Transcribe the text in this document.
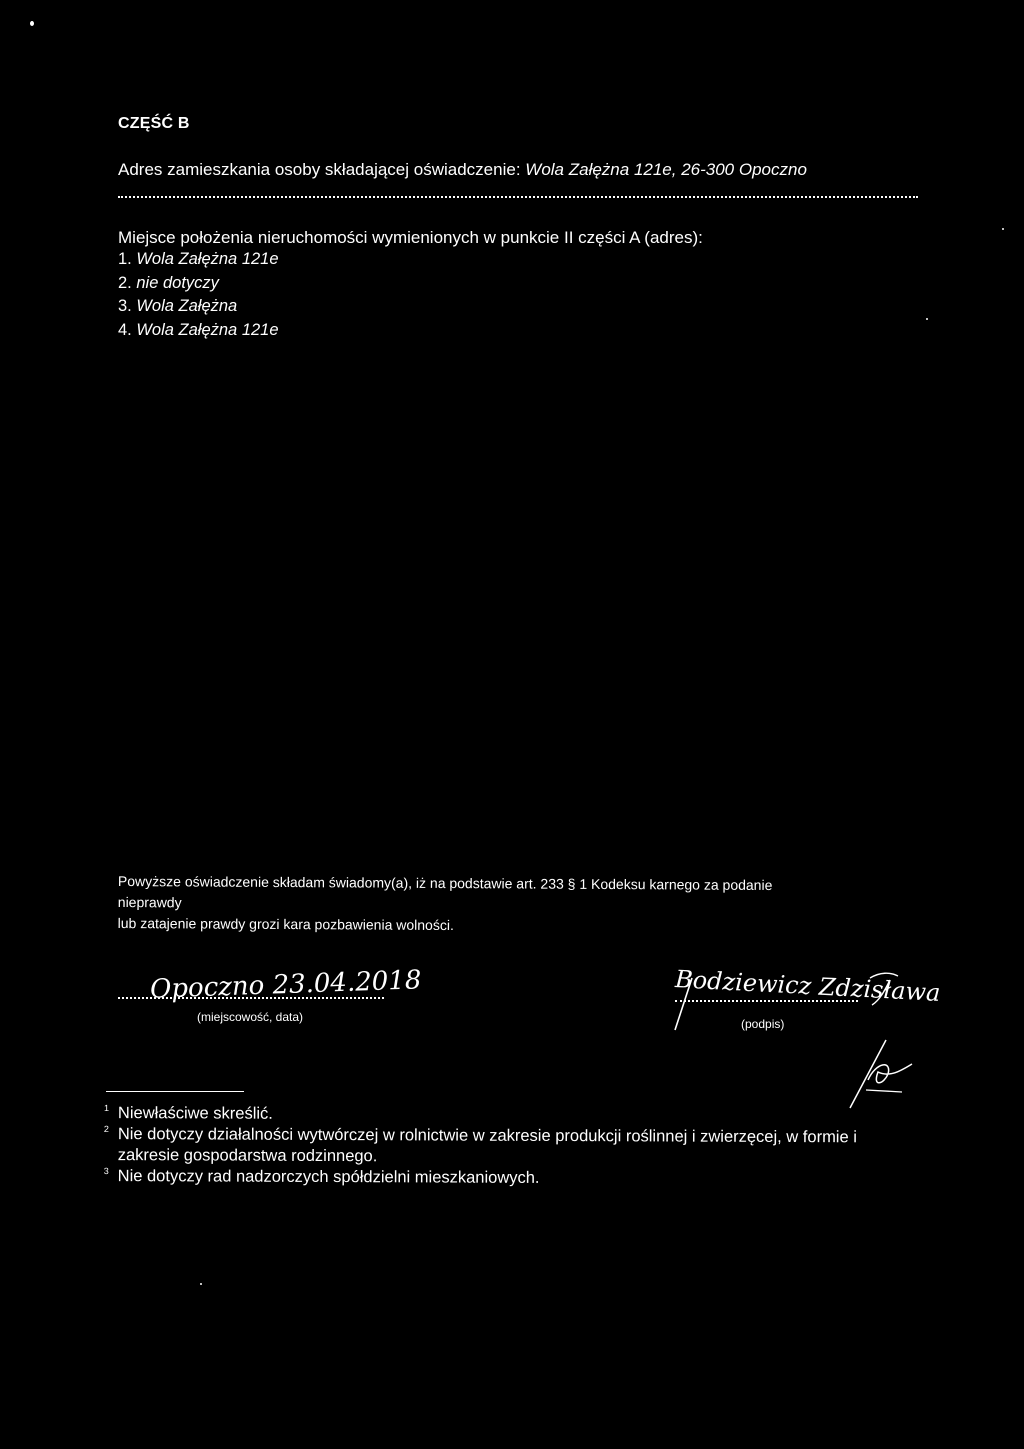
CZĘŚĆ B
Adres zamieszkania osoby składającej oświadczenie: Wola Załężna 121e, 26-300 Opoczno
Miejsce położenia nieruchomości wymienionych w punkcie II części A (adres):
1. Wola Załężna 121e
2. nie dotyczy
3. Wola Załężna
4. Wola Załężna 121e
Powyższe oświadczenie składam świadomy(a), iż na podstawie art. 233 § 1 Kodeksu karnego za podanie
nieprawdy
lub zatajenie prawdy grozi kara pozbawienia wolności.
Opoczno 23.04.2018
(miejscowość, data)
Bodziewicz Zdzisława
(podpis)
1 Niewłaściwe skreślić.
2 Nie dotyczy działalności wytwórczej w rolnictwie w zakresie produkcji roślinnej i zwierzęcej, w formie i zakresie gospodarstwa rodzinnego.
3 Nie dotyczy rad nadzorczych spółdzielni mieszkaniowych.
